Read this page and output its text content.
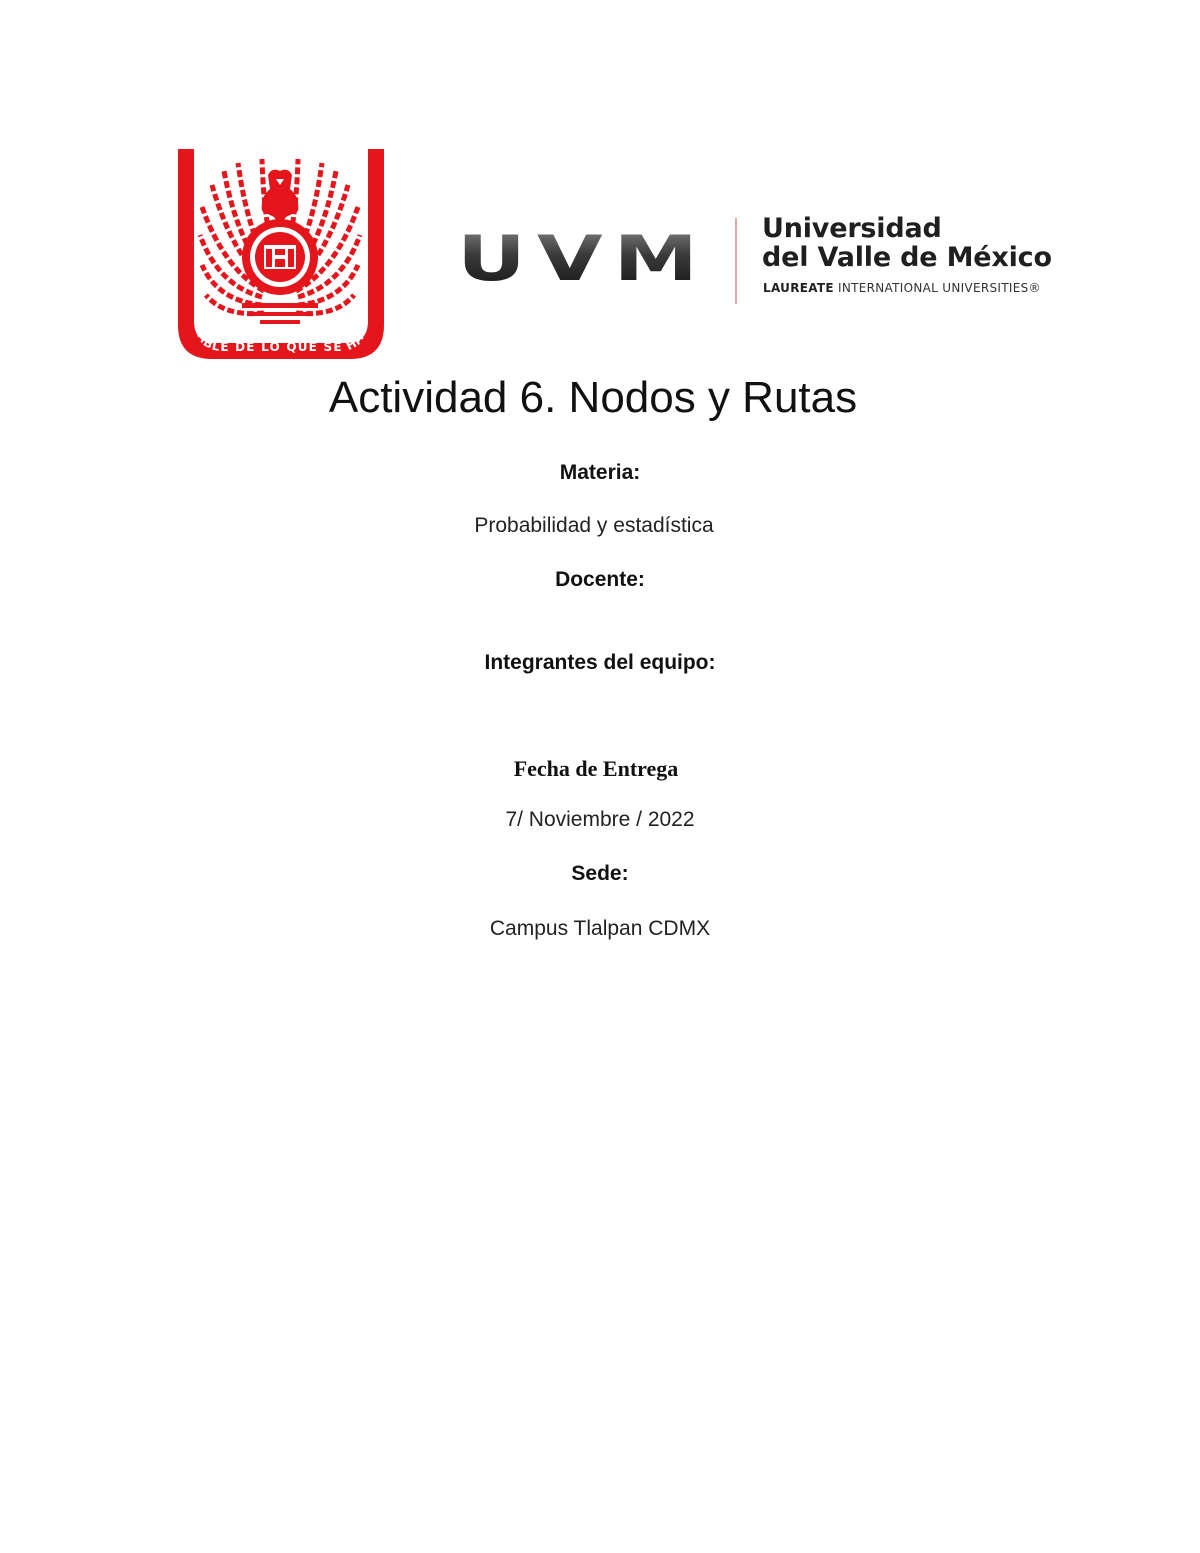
POR SIEMPRE RESPONSABLE DE LO QUE SE HA CULTIVADO UVM Universidad
del Valle de México
LAUREATE INTERNATIONAL UNIVERSITIES®
Actividad 6. Nodos y Rutas
Materia:
Probabilidad y estadística
Docente:
Integrantes del equipo:
Fecha de Entrega
7/ Noviembre / 2022
Sede:
Campus Tlalpan CDMX
